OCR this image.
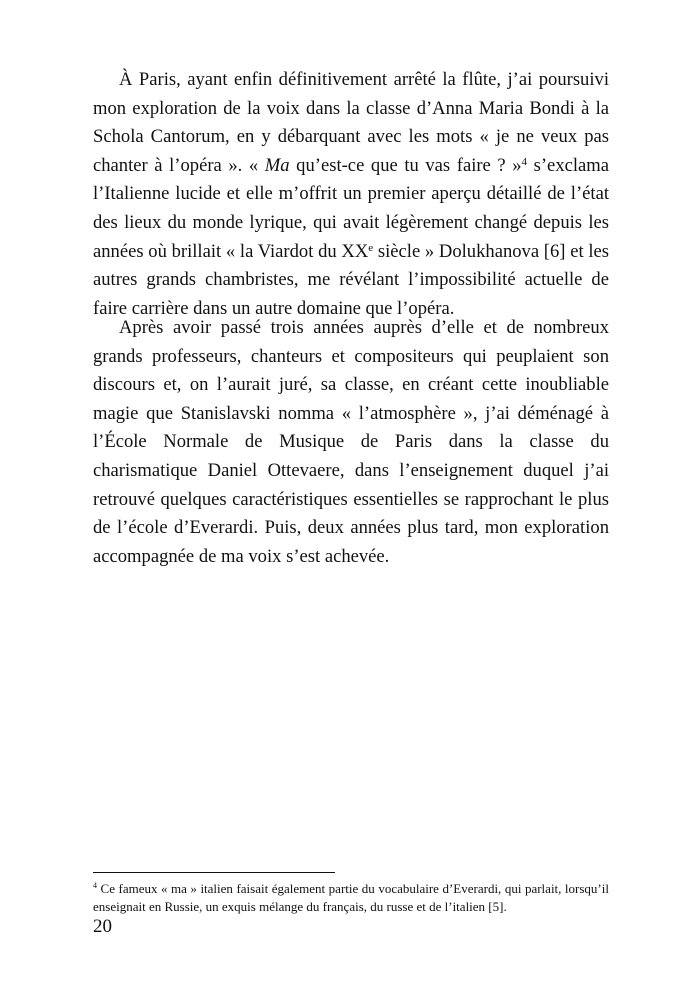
À Paris, ayant enfin définitivement arrêté la flûte, j’ai poursuivi mon exploration de la voix dans la classe d’Anna Maria Bondi à la Schola Cantorum, en y débarquant avec les mots « je ne veux pas chanter à l’opéra ». « Ma qu’est-ce que tu vas faire ? »$^4$ s’exclama l’Italienne lucide et elle m’offrit un premier aperçu détaillé de l’état des lieux du monde lyrique, qui avait légèrement changé depuis les années où brillait « la Viardot du XXe siècle » Dolukhanova [6] et les autres grands chambristes, me révélant l’impossibilité actuelle de faire carrière dans un autre domaine que l’opéra.

Après avoir passé trois années auprès d’elle et de nombreux grands professeurs, chanteurs et compositeurs qui peuplaient son discours et, on l’aurait juré, sa classe, en créant cette inoubliable magie que Stanislavski nomma « l’atmosphère », j’ai déménagé à l’École Normale de Musique de Paris dans la classe du charismatique Daniel Ottevaere, dans l’enseignement duquel j’ai retrouvé quelques caractéristiques essentielles se rapprochant le plus de l’école d’Everardi. Puis, deux années plus tard, mon exploration accompagnée de ma voix s’est achevée.

$^4$ Ce fameux « ma » italien faisait également partie du vocabulaire d’Everardi, qui parlait, lorsqu’il enseignait en Russie, un exquis mélange du français, du russe et de l’italien [5].

20
